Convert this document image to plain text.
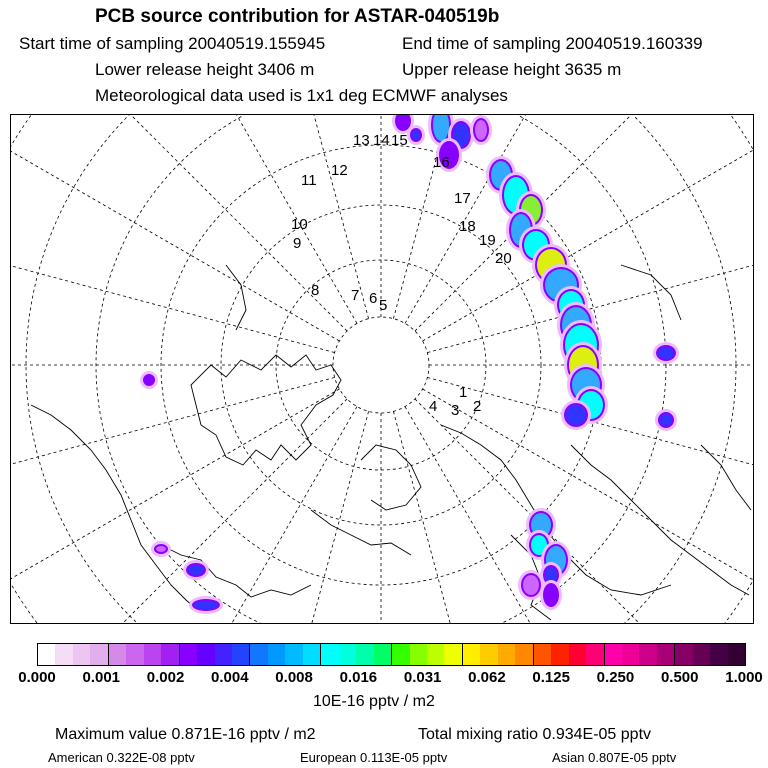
PCB source contribution for ASTAR-040519b
Start time of sampling 20040519.155945	End time of sampling 20040519.160339
Lower release height 3406 m	Upper release height 3635 m
Meteorological data used is 1x1 deg ECMWF analyses
1
2
3
4
5
6
7
8
9
10
11
12
13 14 15
16
17
18
19
20
0.000 0.001 0.002 0.004 0.008 0.016 0.031 0.062 0.125 0.250 0.500 1.000
10E-16 pptv / m2
Maximum value 0.871E-16 pptv / m2	Total mixing ratio 0.934E-05 pptv
American 0.322E-08 pptv	European 0.113E-05 pptv	Asian 0.807E-05 pptv
